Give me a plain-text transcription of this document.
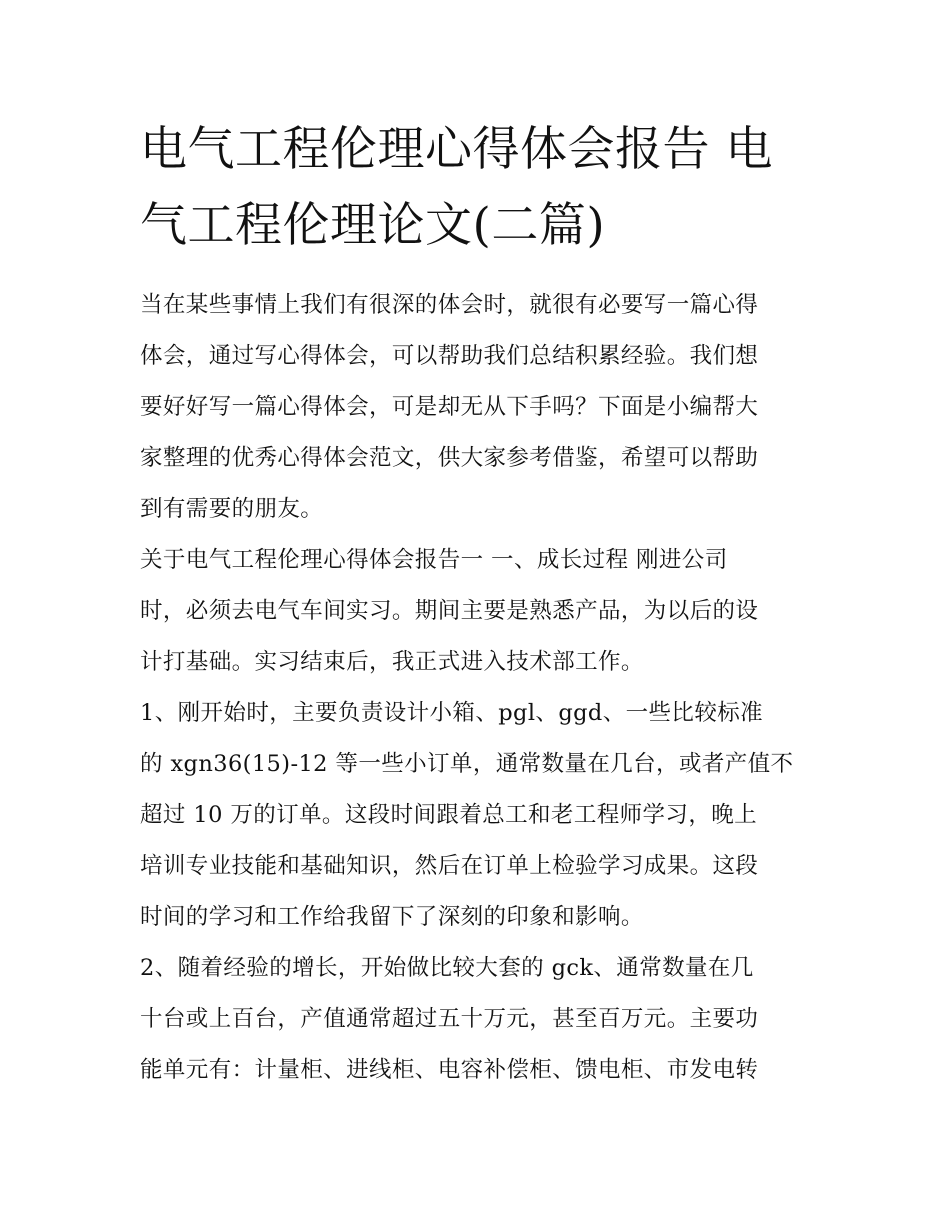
电气工程伦理心得体会报告 电
气工程伦理论文(二篇)

当在某些事情上我们有很深的体会时，就很有必要写一篇心得
体会，通过写心得体会，可以帮助我们总结积累经验。我们想
要好好写一篇心得体会，可是却无从下手吗？下面是小编帮大
家整理的优秀心得体会范文，供大家参考借鉴，希望可以帮助
到有需要的朋友。

关于电气工程伦理心得体会报告一 一、成长过程 刚进公司
时，必须去电气车间实习。期间主要是熟悉产品，为以后的设
计打基础。实习结束后，我正式进入技术部工作。

1、刚开始时，主要负责设计小箱、pgl、ggd、一些比较标准
的 xgn36(15)-12 等一些小订单，通常数量在几台，或者产值不
超过 10 万的订单。这段时间跟着总工和老工程师学习，晚上
培训专业技能和基础知识，然后在订单上检验学习成果。这段
时间的学习和工作给我留下了深刻的印象和影响。

2、随着经验的增长，开始做比较大套的 gck、通常数量在几
十台或上百台，产值通常超过五十万元，甚至百万元。主要功
能单元有：计量柜、进线柜、电容补偿柜、馈电柜、市发电转
